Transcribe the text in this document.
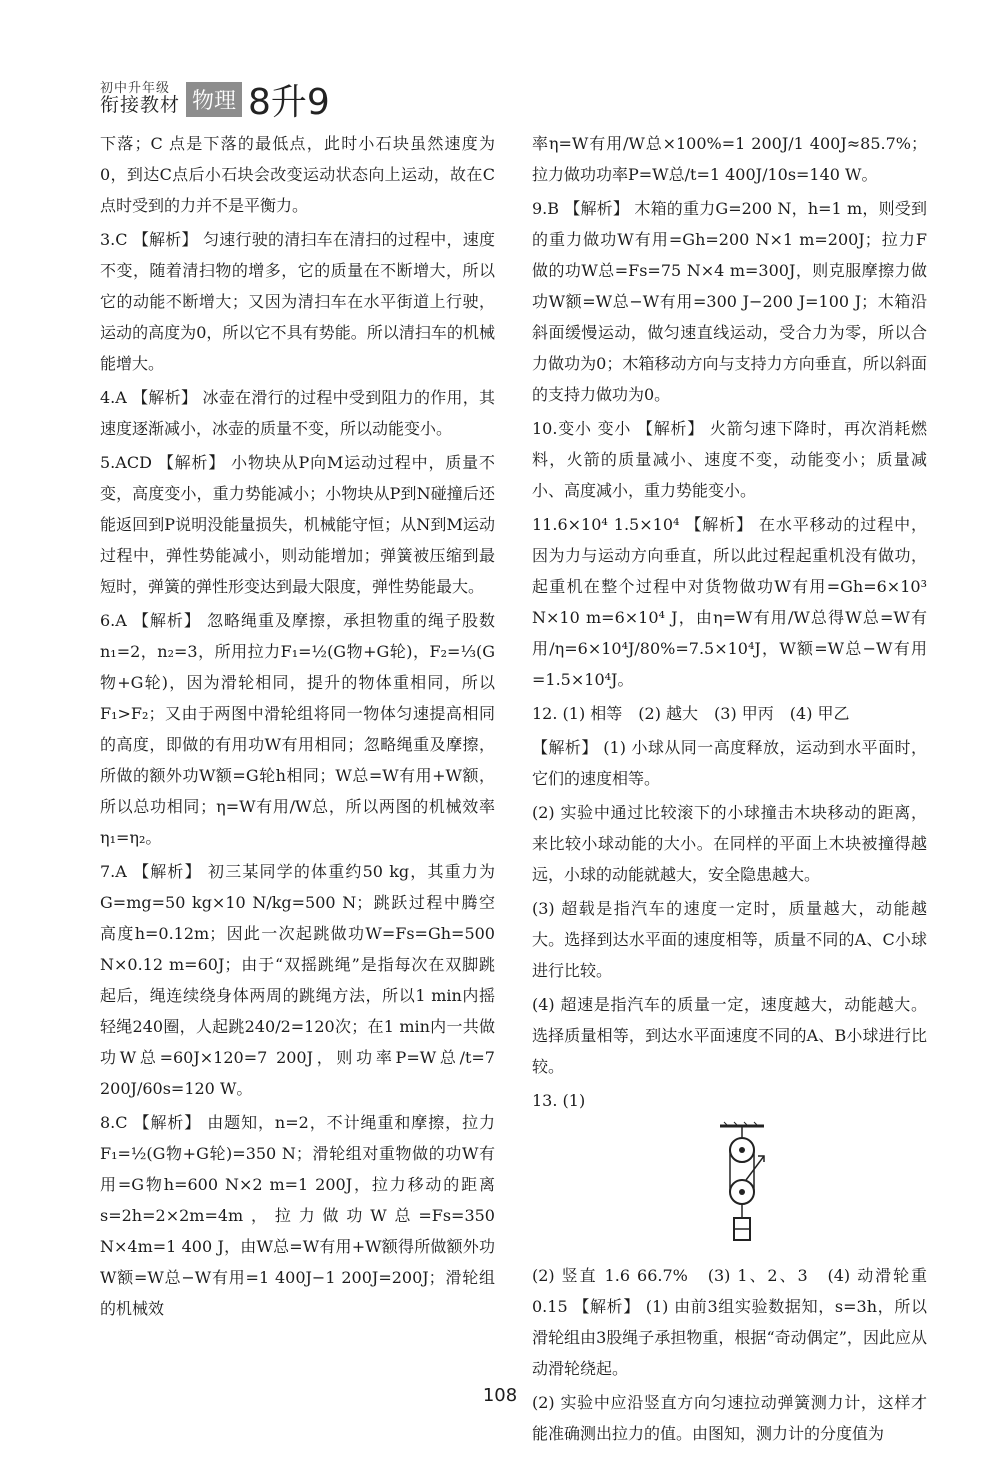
初中升年级
衔接教材 物理 8升9

下落；C 点是下落的最低点，此时小石块虽然速度为0，到达C点后小石块会改变运动状态向上运动，故在C点时受到的力并不是平衡力。

3.C 【解析】 匀速行驶的清扫车在清扫的过程中，速度不变，随着清扫物的增多，它的质量在不断增大，所以它的动能不断增大；又因为清扫车在水平街道上行驶，运动的高度为0，所以它不具有势能。所以清扫车的机械能增大。

4.A 【解析】 冰壶在滑行的过程中受到阻力的作用，其速度逐渐减小，冰壶的质量不变，所以动能变小。

5.ACD 【解析】 小物块从P向M运动过程中，质量不变，高度变小，重力势能减小；小物块从P到N碰撞后还能返回到P说明没能量损失，机械能守恒；从N到M运动过程中，弹性势能减小，则动能增加；弹簧被压缩到最短时，弹簧的弹性形变达到最大限度，弹性势能最大。

6.A 【解析】 忽略绳重及摩擦，承担物重的绳子股数n₁=2，n₂=3，所用拉力F₁=½(G物+G轮)，F₂=⅓(G物+G轮)，因为滑轮相同，提升的物体重相同，所以F₁>F₂；又由于两图中滑轮组将同一物体匀速提高相同的高度，即做的有用功W有用相同；忽略绳重及摩擦，所做的额外功W额=G轮h相同；W总=W有用+W额，所以总功相同；η=W有用/W总，所以两图的机械效率η₁=η₂。

7.A 【解析】 初三某同学的体重约50 kg，其重力为G=mg=50 kg×10 N/kg=500 N；跳跃过程中腾空高度h=0.12m；因此一次起跳做功W=Fs=Gh=500 N×0.12 m=60J；由于“双摇跳绳”是指每次在双脚跳起后，绳连续绕身体两周的跳绳方法，所以1 min内摇轻绳240圈，人起跳240/2=120次；在1 min内一共做功W总=60J×120=7 200J，则功率P=W总/t=7 200J/60s=120 W。

8.C 【解析】 由题知，n=2，不计绳重和摩擦，拉力F₁=½(G物+G轮)=350 N；滑轮组对重物做的功W有用=G物h=600 N×2 m=1 200J，拉力移动的距离s=2h=2×2m=4m，拉力做功W总=Fs=350 N×4m=1 400 J，由W总=W有用+W额得所做额外功W额=W总−W有用=1 400J−1 200J=200J；滑轮组的机械效

率η=W有用/W总×100%=1 200J/1 400J≈85.7%；拉力做功功率P=W总/t=1 400J/10s=140 W。

9.B 【解析】 木箱的重力G=200 N，h=1 m，则受到的重力做功W有用=Gh=200 N×1 m=200J；拉力F做的功W总=Fs=75 N×4 m=300J，则克服摩擦力做功W额=W总−W有用=300 J−200 J=100 J；木箱沿斜面缓慢运动，做匀速直线运动，受合力为零，所以合力做功为0；木箱移动方向与支持力方向垂直，所以斜面的支持力做功为0。

10.变小 变小 【解析】 火箭匀速下降时，再次消耗燃料，火箭的质量减小、速度不变，动能变小；质量减小、高度减小，重力势能变小。

11.6×10⁴ 1.5×10⁴ 【解析】 在水平移动的过程中，因为力与运动方向垂直，所以此过程起重机没有做功，起重机在整个过程中对货物做功W有用=Gh=6×10³ N×10 m=6×10⁴ J，由η=W有用/W总得W总=W有用/η=6×10⁴J/80%=7.5×10⁴J，W额=W总−W有用=1.5×10⁴J。

12. (1) 相等　(2) 越大　(3) 甲丙　(4) 甲乙

【解析】 (1) 小球从同一高度释放，运动到水平面时，它们的速度相等。

(2) 实验中通过比较滚下的小球撞击木块移动的距离，来比较小球动能的大小。在同样的平面上木块被撞得越远，小球的动能就越大，安全隐患越大。

(3) 超载是指汽车的速度一定时，质量越大，动能越大。选择到达水平面的速度相等，质量不同的A、C小球进行比较。

(4) 超速是指汽车的质量一定，速度越大，动能越大。选择质量相等，到达水平面速度不同的A、B小球进行比较。

13. (1)

(2) 竖直 1.6 66.7%　(3) 1、2、3　(4) 动滑轮重 0.15 【解析】 (1) 由前3组实验数据知，s=3h，所以滑轮组由3股绳子承担物重，根据“奇动偶定”，因此应从动滑轮绕起。

(2) 实验中应沿竖直方向匀速拉动弹簧测力计，这样才能准确测出拉力的值。由图知，测力计的分度值为

108
